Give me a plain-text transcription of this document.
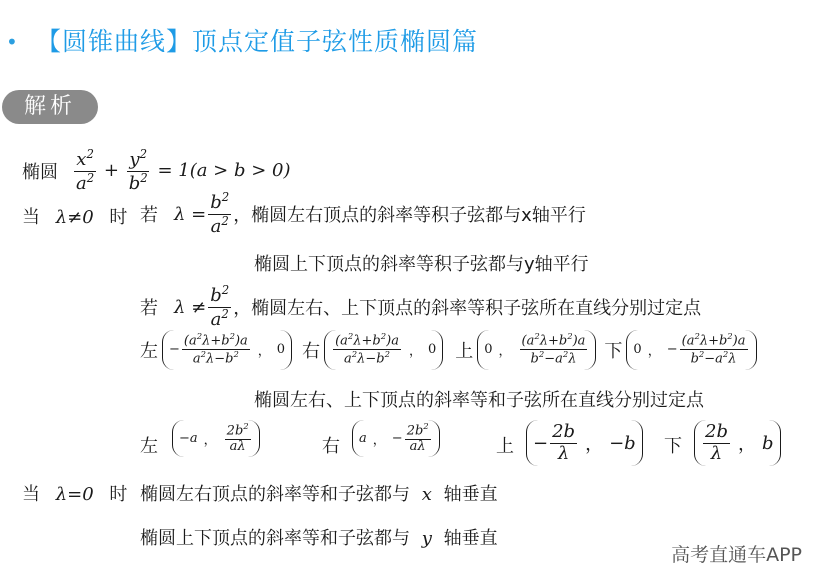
• 【圆锥曲线】顶点定值子弦性质椭圆篇
解析
椭圆 $\frac{x^2}{a^2} + \frac{y^2}{b^2} = 1(a > b > 0)$
当 λ≠0 时 若 $\lambda = \frac{b^2}{a^2}$ ，椭圆左右顶点的斜率等积子弦都与x轴平行
椭圆上下顶点的斜率等积子弦都与y轴平行
若 $\lambda \ne \frac{b^2}{a^2}$ ，椭圆左右、上下顶点的斜率等积子弦所在直线分别过定点
左 − $\frac{(a^2\lambda+b^2)a}{a^2\lambda-b^2}$ ， 0 右 $\frac{(a^2\lambda+b^2)a}{a^2\lambda-b^2}$ ， 0 上 0 ， $\frac{(a^2\lambda+b^2)a}{b^2-a^2\lambda}$ 下 0 ， − $\frac{(a^2\lambda+b^2)a}{b^2-a^2\lambda}$
椭圆左右、上下顶点的斜率等和子弦所在直线分别过定点
左 −a ， $\frac{2b^2}{a\lambda}$	右 a ， − $\frac{2b^2}{a\lambda}$	上 − $\frac{2b}{\lambda}$ ， −b 下 $\frac{2b}{\lambda}$ ， b
当 λ=0 时 椭圆左右顶点的斜率等和子弦都与 x 轴垂直
椭圆上下顶点的斜率等和子弦都与 y 轴垂直
高考直通车APP
